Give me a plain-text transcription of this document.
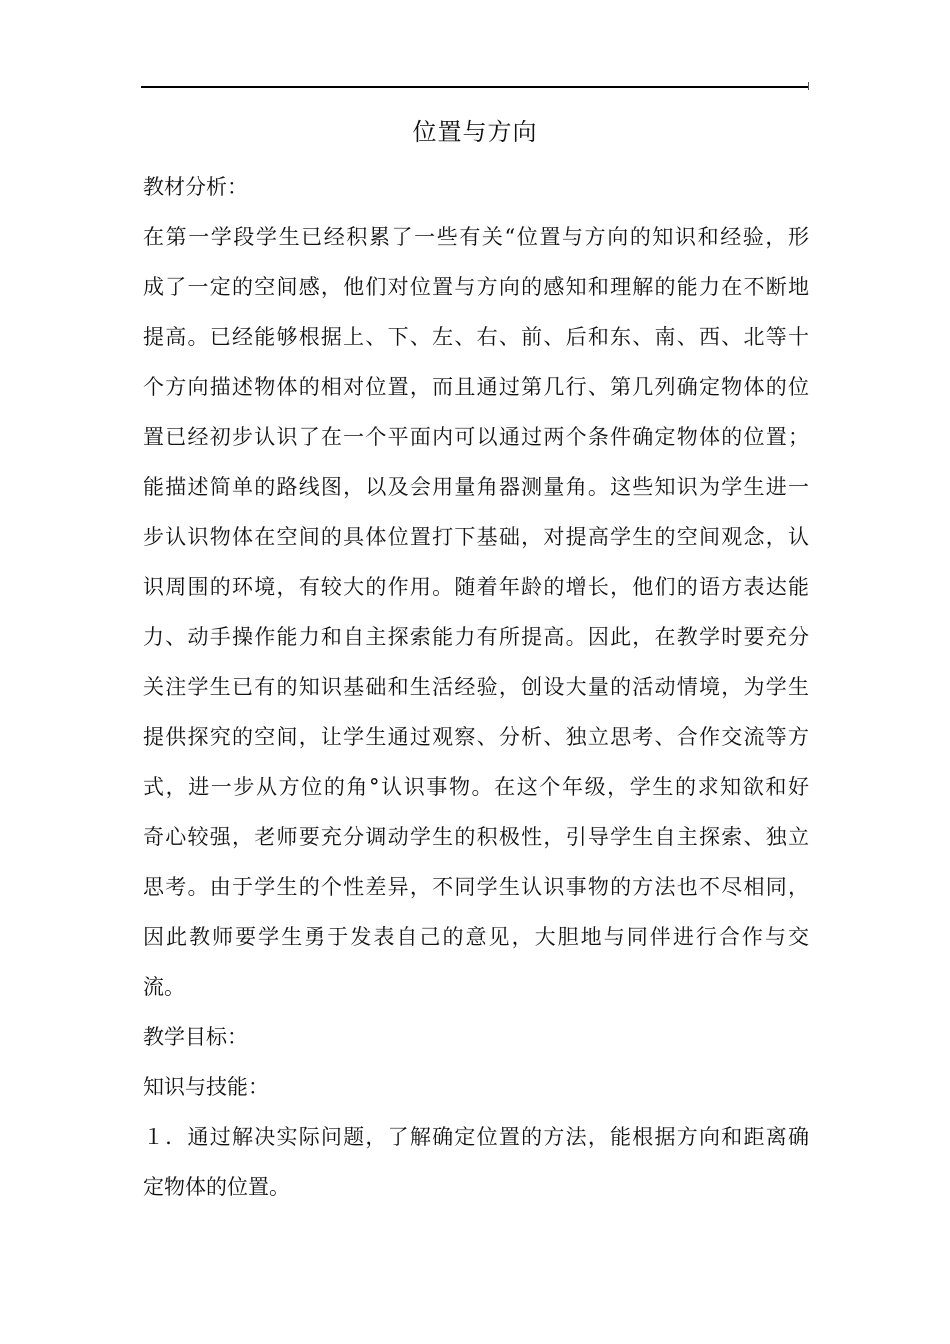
位置与方向
教材分析：
在第一学段学生已经积累了一些有关“位置与方向的知识和经验，形
成了一定的空间感，他们对位置与方向的感知和理解的能力在不断地
提高。已经能够根据上、下、左、右、前、后和东、南、西、北等十
个方向描述物体的相对位置，而且通过第几行、第几列确定物体的位
置已经初步认识了在一个平面内可以通过两个条件确定物体的位置；
能描述简单的路线图，以及会用量角器测量角。这些知识为学生进一
步认识物体在空间的具体位置打下基础，对提高学生的空间观念，认
识周围的环境，有较大的作用。随着年龄的增长，他们的语方表达能
力、动手操作能力和自主探索能力有所提高。因此，在教学时要充分
关注学生已有的知识基础和生活经验，创设大量的活动情境，为学生
提供探究的空间，让学生通过观察、分析、独立思考、合作交流等方
式，进一步从方位的角°认识事物。在这个年级，学生的求知欲和好
奇心较强，老师要充分调动学生的积极性，引导学生自主探索、独立
思考。由于学生的个性差异，不同学生认识事物的方法也不尽相同，
因此教师要学生勇于发表自己的意见，大胆地与同伴进行合作与交
流。
教学目标：
知识与技能：
１．通过解决实际问题，了解确定位置的方法，能根据方向和距离确
定物体的位置。
